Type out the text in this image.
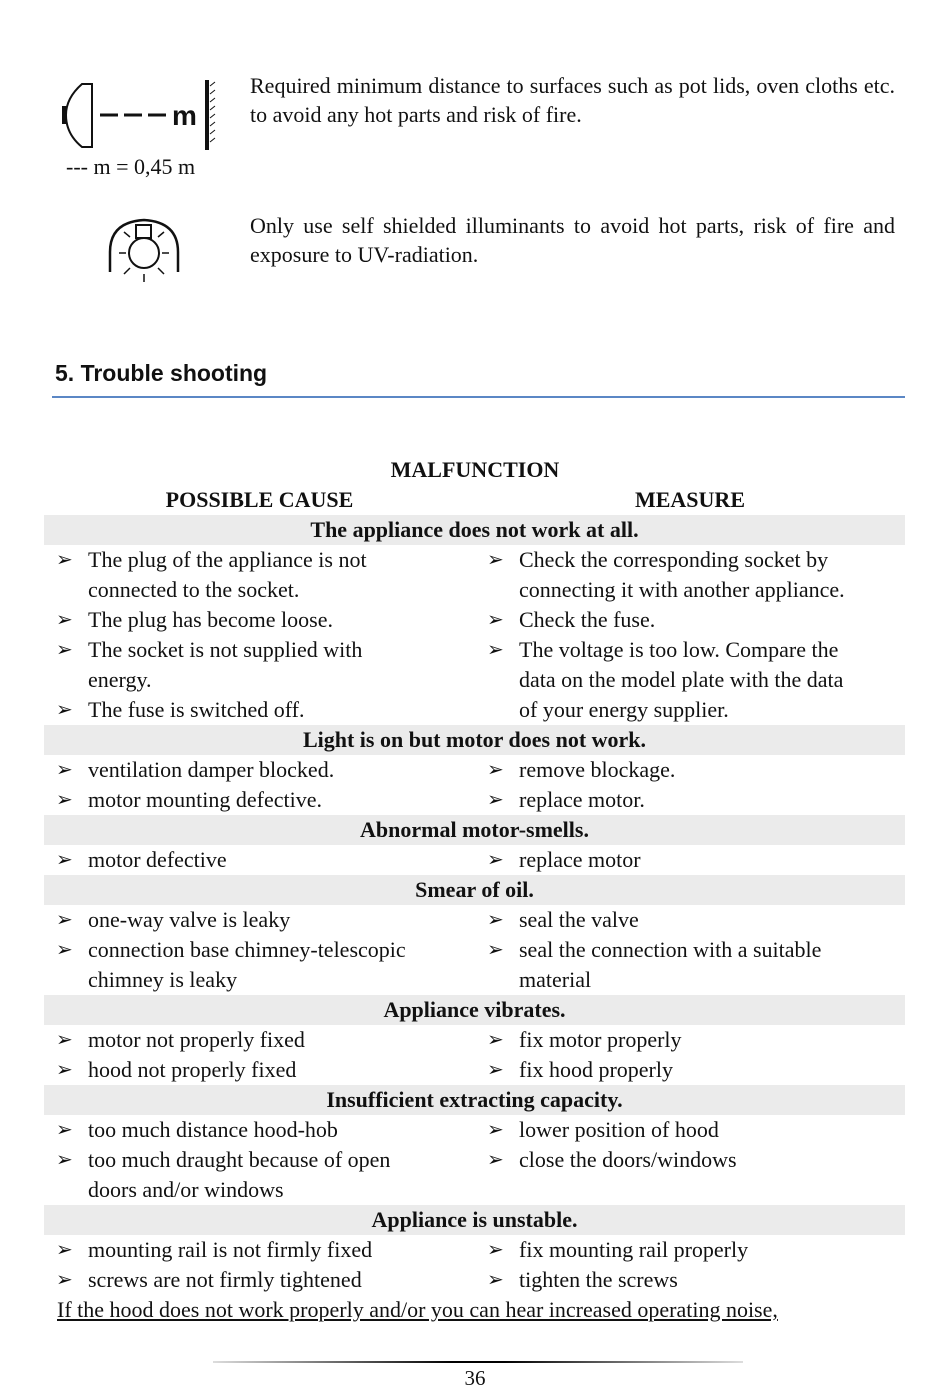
m
--- m = 0,45 m
Required minimum distance to surfaces such as pot lids, oven cloths etc. to avoid any hot parts and risk of fire.
Only use self shielded illuminants to avoid hot parts, risk of fire and exposure to UV-radiation.
5. Trouble shooting
MALFUNCTION
POSSIBLE CAUSE	MEASURE
The appliance does not work at all.
➢ The plug of the appliance is not
connected to the socket.
➢ The plug has become loose.
➢ The socket is not supplied with
energy.
➢ The fuse is switched off.
➢ Check the corresponding socket by
connecting it with another appliance.
➢ Check the fuse.
➢ The voltage is too low. Compare the
data on the model plate with the data
of your energy supplier.
Light is on but motor does not work.
➢ ventilation damper blocked.
➢ motor mounting defective.
➢ remove blockage.
➢ replace motor.
Abnormal motor-smells.
➢ motor defective	➢ replace motor
Smear of oil.
➢ one-way valve is leaky
➢ connection base chimney-telescopic
chimney is leaky
➢ seal the valve
➢ seal the connection with a suitable
material
Appliance vibrates.
➢ motor not properly fixed
➢ hood not properly fixed
➢ fix motor properly
➢ fix hood properly
Insufficient extracting capacity.
➢ too much distance hood-hob
➢ too much draught because of open
doors and/or windows
➢ lower position of hood
➢ close the doors/windows
Appliance is unstable.
➢ mounting rail is not firmly fixed
➢ screws are not firmly tightened
➢ fix mounting rail properly
➢ tighten the screws
If the hood does not work properly and/or you can hear increased operating noise,
36
